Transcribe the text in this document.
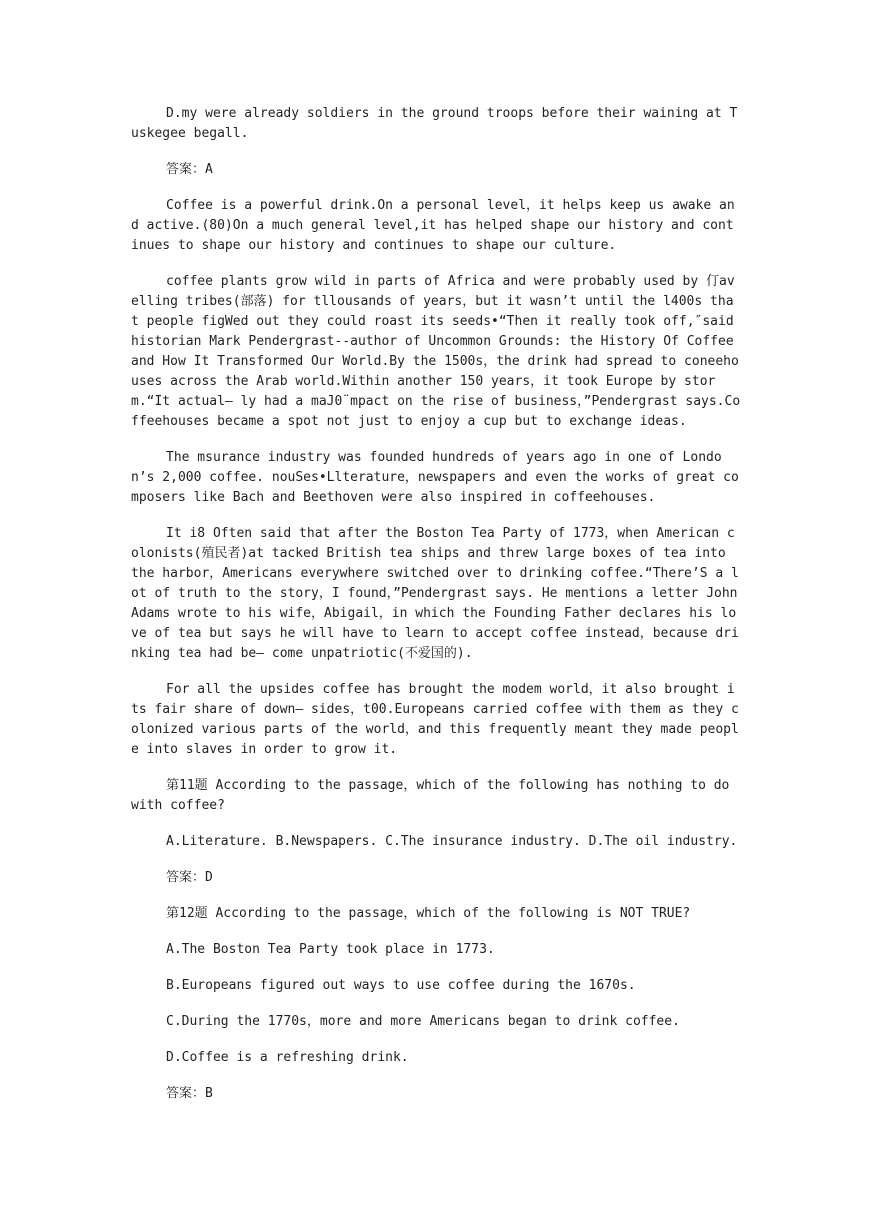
D.my were already soldiers in the ground troops before their waining at Tuskegee begall.

答案：A

Coffee is a powerful drink.On a personal level，it helps keep us awake and active.(80)On a much general level,it has helped shape our history and continues to shape our history and continues to shape our culture.

coffee plants grow wild in parts of Africa and were probably used by 仃avelling tribes(部落) for tllousands of years，but it wasn’t until the l400s that people figWed out they could roast its seeds•“Then it really took off,″said historian Mark Pendergrast--author of Uncommon Grounds: the History Of Coffee and How It Transformed Our World.By the 1500s，the drink had spread to coneehouses across the Arab world.Within another 150 years，it took Europe by storm.“It actual— ly had a maJ0¨mpact on the rise of business，”Pendergrast says.Coffeehouses became a spot not just to enjoy a cup but to exchange ideas.

The msurance industry was founded hundreds of years ago in one of London’s 2,000 coffee. nouSes•Llterature，newspapers and even the works of great composers like Bach and Beethoven were also inspired in coffeehouses.

It i8 Often said that after the Boston Tea Party of 1773，when American colonists(殖民者)at tacked British tea ships and threw large boxes of tea into the harbor，Americans everywhere switched over to drinking coffee.“There’S a lot of truth to the story，I found，”Pendergrast says. He mentions a letter John Adams wrote to his wife，Abigail，in which the Founding Father declares his love of tea but says he will have to learn to accept coffee instead，because drinking tea had be— come unpatriotic(不爱国的).

For all the upsides coffee has brought the modem world，it also brought its fair share of down— sides，t00.Europeans carried coffee with them as they colonized various parts of the world，and this frequently meant they made people into slaves in order to grow it.

第11题 According to the passage，which of the following has nothing to do with coffee?

A.Literature. B.Newspapers. C.The insurance industry. D.The oil industry.

答案：D

第12题 According to the passage，which of the following is NOT TRUE?

A.The Boston Tea Party took place in 1773.

B.Europeans figured out ways to use coffee during the 1670s.

C.During the 1770s，more and more Americans began to drink coffee.

D.Coffee is a refreshing drink.

答案：B
